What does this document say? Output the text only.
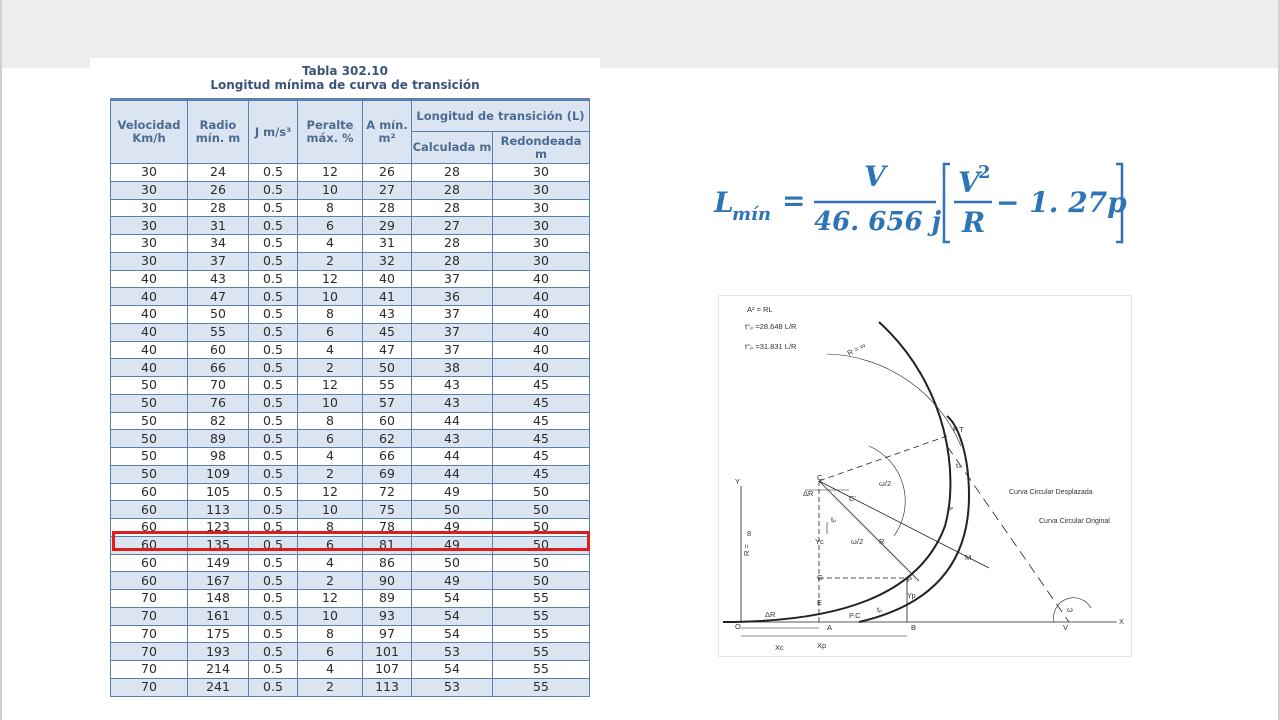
Tabla 302.10
Longitud mínima de curva de transición
Velocidad Km/h	Radio mín. m	J m/s³	Peralte máx. %	A mín. m²	Longitud de transición (L)	
					Calculada m	Redondeada m
30	24	0.5	12	26	28	30
30	26	0.5	10	27	28	30
30	28	0.5	8	28	28	30
30	31	0.5	6	29	27	30
30	34	0.5	4	31	28	30
30	37	0.5	2	32	28	30
40	43	0.5	12	40	37	40
40	47	0.5	10	41	36	40
40	50	0.5	8	43	37	40
40	55	0.5	6	45	37	40
40	60	0.5	4	47	37	40
40	66	0.5	2	50	38	40
50	70	0.5	12	55	43	45
50	76	0.5	10	57	43	45
50	82	0.5	8	60	44	45
50	89	0.5	6	62	43	45
50	98	0.5	4	66	44	45
50	109	0.5	2	69	44	45
60	105	0.5	12	72	49	50
60	113	0.5	10	75	50	50
60	123	0.5	8	78	49	50
60	135	0.5	6	81	49	50
60	149	0.5	4	86	50	50
60	167	0.5	2	90	49	50
70	148	0.5	12	89	54	55
70	161	0.5	10	93	54	55
70	175	0.5	8	97	54	55
70	193	0.5	6	101	53	55
70	214	0.5	4	107	54	55
70	241	0.5	2	113	53	55
L
mín =
V
46. 656 j
V
2
R
− 1. 27p
A² = RL
t°ₚ =28.648 L/R
t°ₚ =31.831 L/R	R = ∞
P.T
tₛ
Curva Circular Desplazada
Curva Circular Original
C
C'
ΔR
ω/2
ω/2
tₚ
Yc	R
R =
8
P'
M
G	P
Yp
E
ΔR	P.C
tₚ
O	A	B	V
ω
X
Y
Xc	Xp
